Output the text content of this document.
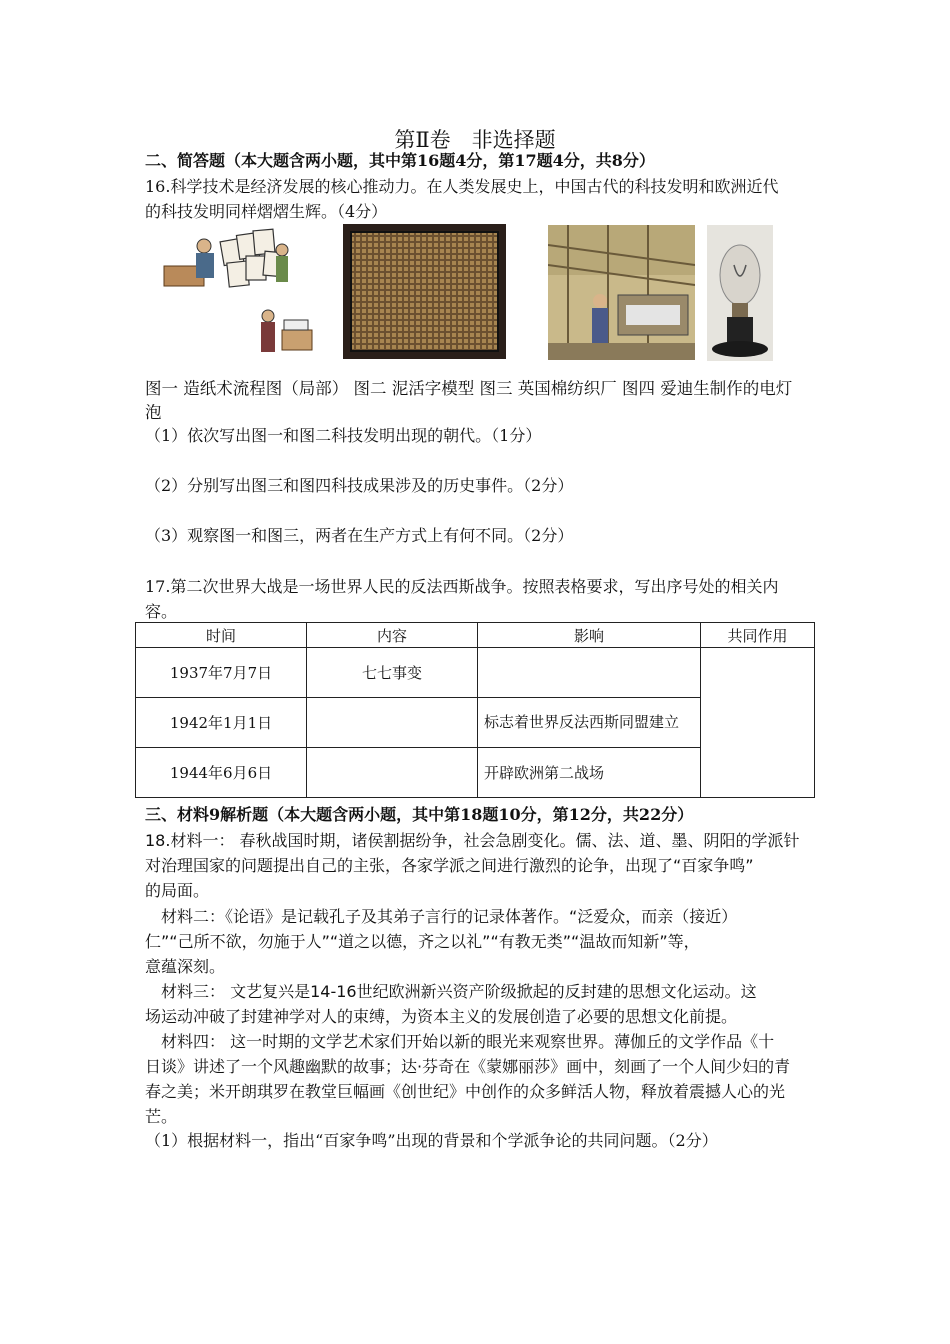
第Ⅱ卷　非选择题
二、简答题（本大题含两小题，其中第16题4分，第17题4分，共8分）
16.科学技术是经济发展的核心推动力。在人类发展史上，中国古代的科技发明和欧洲近代
的科技发明同样熠熠生辉。（4分）
图一 造纸术流程图（局部） 图二 泥活字模型 图三 英国棉纺织厂 图四 爱迪生制作的电灯
泡
（1）依次写出图一和图二科技发明出现的朝代。（1分）
（2）分别写出图三和图四科技成果涉及的历史事件。（2分）
（3）观察图一和图三，两者在生产方式上有何不同。（2分）
17.第二次世界大战是一场世界人民的反法西斯战争。按照表格要求，写出序号处的相关内
容。
时间	内容	影响	共同作用
1937年7月7日	七七事变		
1942年1月1日		标志着世界反法西斯同盟建立	
1944年6月6日		开辟欧洲第二战场	
三、材料9解析题（本大题含两小题，其中第18题10分，第12分，共22分）
18.材料一： 春秋战国时期，诸侯割据纷争，社会急剧变化。儒、法、道、墨、阴阳的学派针
对治理国家的问题提出自己的主张，各家学派之间进行激烈的论争，出现了“百家争鸣”
的局面。
　材料二：《论语》是记载孔子及其弟子言行的记录体著作。“泛爱众，而亲（接近）
仁”“己所不欲，勿施于人”“道之以德，齐之以礼”“有教无类”“温故而知新”等，
意蕴深刻。
　材料三： 文艺复兴是14-16世纪欧洲新兴资产阶级掀起的反封建的思想文化运动。这
场运动冲破了封建神学对人的束缚，为资本主义的发展创造了必要的思想文化前提。
　材料四： 这一时期的文学艺术家们开始以新的眼光来观察世界。薄伽丘的文学作品《十
日谈》讲述了一个风趣幽默的故事；达·芬奇在《蒙娜丽莎》画中，刻画了一个人间少妇的青
春之美；米开朗琪罗在教堂巨幅画《创世纪》中创作的众多鲜活人物，释放着震撼人心的光
芒。
（1）根据材料一，指出“百家争鸣”出现的背景和个学派争论的共同问题。（2分）
